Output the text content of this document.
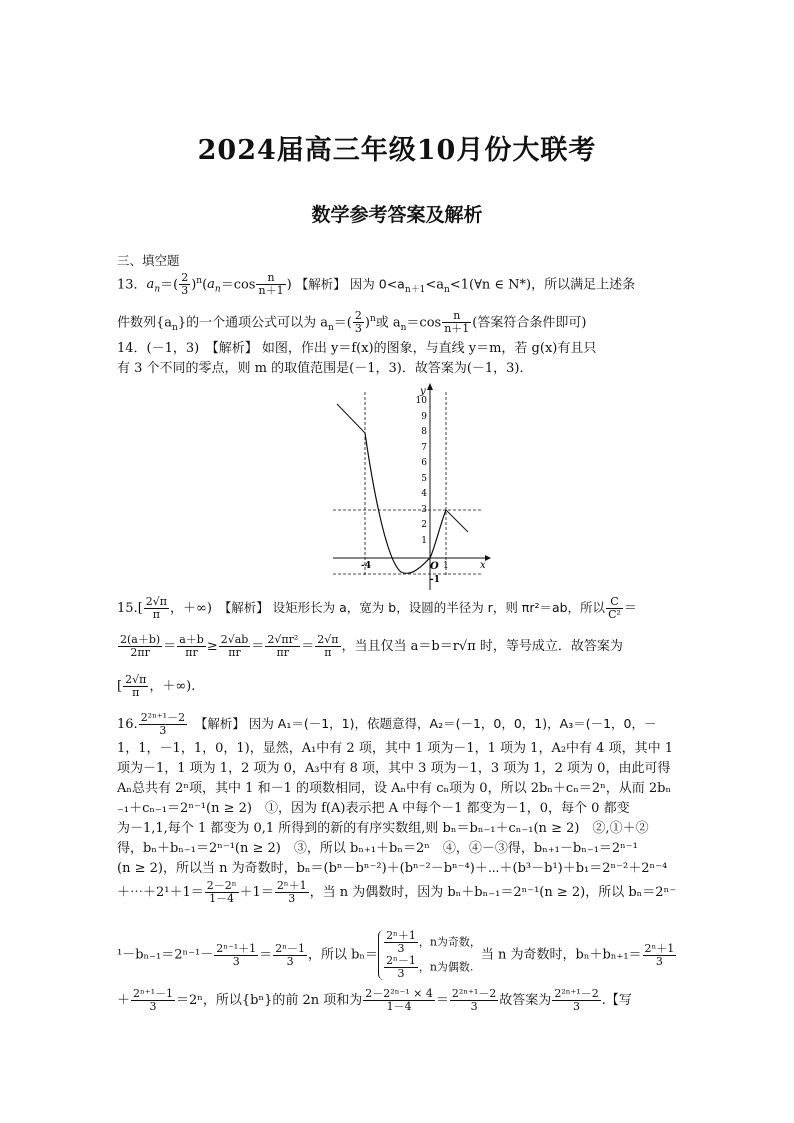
2024届高三年级10月份大联考
数学参考答案及解析
三、填空题
13．$a_n=( \frac{2}{3} )^n(a_n=\cos \frac{n}{n+1}$ ) 【解析】 因为 $0<a_{n+1}<a_n<1(\forall n$ ∈ N*)，所以满足上述条
件数列$\{a_n\}$的一个通项公式可以为 $a_n=( \frac{2}{3} )^n$或 $a_n=\cos \frac{n}{n+1}$ (答案符合条件即可)
14．(－1，3)　【解析】 如图，作出 y＝f(x)的图象，与直线 y＝m，若 g(x)有且只
有 3 个不同的零点，则 m 的取值范围是(－1，3)．故答案为(－1，3)．
y
x
O
10
9
8
7
6
5
4
3
2
1
-1
-4	1
$15.[ \frac{2√\pi}{\pi}$ ，＋∞)　【解析】 设矩形长为 a，宽为 b，设圆的半径为 r，则 πr²＝ab，所以 $\frac{C}{\text{C²}}$ ＝
$\frac{2(a+b)}{2\pi r} = \frac{a+b}{\pi r} \ge \frac{2√ab}{\pi r} = \frac{\text{2√πr²}}{\pi r} = \frac{2√\pi}{\pi}$ ，当且仅当 a＝b＝r√π 时，等号成立．故答案为
[ $\frac{2√\pi}{\pi}$ ，＋∞).
16. $\frac{\text{2²ⁿ⁺¹－2}}{3}$
　 【解析】 因为 A₁＝(－1，1)，依题意得，A₂＝(－1，0，0，1)，A₃＝(－1，0，－
1，1，－1，1，0，1)，显然，A₁中有 2 项，其中 1 项为－1，1 项为 1，A₂中有 4 项，其中 1
项为－1，1 项为 1，2 项为 0，A₃中有 8 项，其中 3 项为－1，3 项为 1，2 项为 0，由此可得
Aₙ总共有 2ⁿ项，其中 1 和－1 的项数相同，设 Aₙ中有 cₙ项为 0，所以 2bₙ＋cₙ＝2ⁿ，从而 2bₙ
₋₁＋cₙ₋₁＝2ⁿ⁻¹(n ≥ 2)　①，因为 f(A)表示把 A 中每个－1 都变为－1，0，每个 0 都变
为－1,1,每个 1 都变为 0,1 所得到的新的有序实数组,则 bₙ＝bₙ₋₁＋cₙ₋₁(n ≥ 2)　②,①＋②
得，bₙ＋bₙ₋₁＝2ⁿ⁻¹(n ≥ 2)　③，所以 bₙ₊₁＋bₙ＝2ⁿ　④，④－③得，bₙ₊₁－bₙ₋₁＝2ⁿ⁻¹
(n ≥ 2)，所以当 n 为奇数时，bₙ＝(bⁿ－bⁿ⁻²)＋(bⁿ⁻²－bⁿ⁻⁴)＋⋯＋(b³－b¹)＋b₁＝2ⁿ⁻²＋2ⁿ⁻⁴
＋⋯＋2¹＋1＝ $\frac{\text{2－2ⁿ}}{1-4} +1= \frac{\text{2ⁿ＋1}}{3}$ ，当 n 为偶数时，因为 bₙ＋bₙ₋₁＝2ⁿ⁻¹(n ≥ 2)，所以 bₙ＝2ⁿ⁻
$^1-b_{n-1}=2^{n-1}- \frac{\text{2ⁿ⁻¹＋1}}{3} = \frac{\text{2ⁿ－1}}{3}$ ，所以 $b_n= \frac{\text{2ⁿ＋1}}{3}$ ，n为奇数，

$\frac{\text{2ⁿ－1}}{3}$ ，n为偶数.当 n 为奇数时，$b_n+b_{n+1}= \frac{\text{2ⁿ＋1}}{3}$
＋ $\frac{\text{2ⁿ⁺¹－1}}{3} =2^n$，所以{bⁿ}的前 2n 项和为 $\frac{\text{2－2²ⁿ⁻¹ × 4}}{1-4} = \frac{\text{2²ⁿ⁺¹－2}}{3}$ 故答案为 $\frac{\text{2²ⁿ⁺¹－2}}{3}$ .【写
